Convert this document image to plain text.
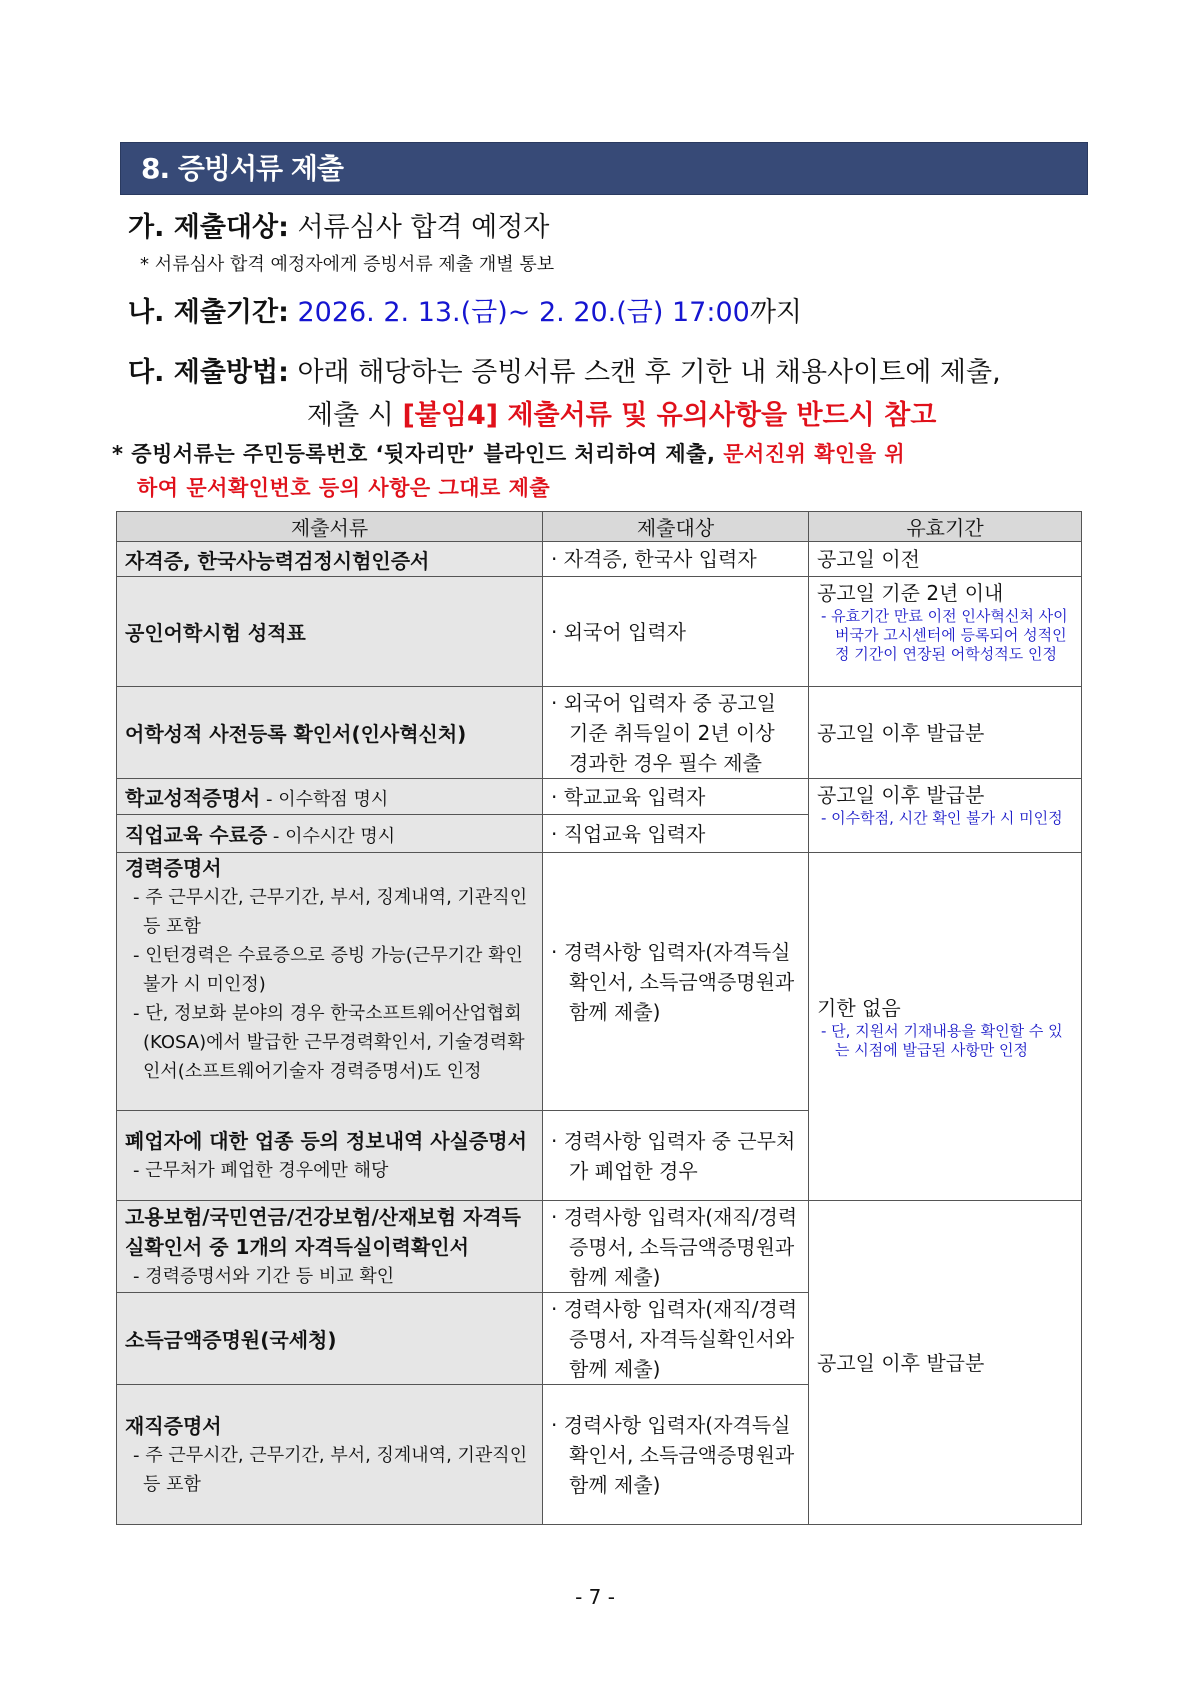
8. 증빙서류 제출
가. 제출대상: 서류심사 합격 예정자
* 서류심사 합격 예정자에게 증빙서류 제출 개별 통보
나. 제출기간: 2026. 2. 13.(금)~ 2. 20.(금) 17:00까지
다. 제출방법: 아래 해당하는 증빙서류 스캔 후 기한 내 채용사이트에 제출,
제출 시 [붙임4] 제출서류 및 유의사항을 반드시 참고
* 증빙서류는 주민등록번호 ‘뒷자리만’ 블라인드 처리하여 제출, 문서진위 확인을 위
하여 문서확인번호 등의 사항은 그대로 제출
제출서류	제출대상	유효기간
자격증, 한국사능력검정시험인증서	· 자격증, 한국사 입력자	공고일 이전
공인어학시험 성적표	· 외국어 입력자	공고일 기준 2년 이내
- 유효기간 만료 이전 인사혁신처 사이버국가 고시센터에 등록되어 성적인정 기간이 연장된 어학성적도 인정

어학성적 사전등록 확인서(인사혁신처)	· 외국어 입력자 중 공고일 기준 취득일이 2년 이상 경과한 경우 필수 제출	공고일 이후 발급분
학교성적증명서 - 이수학점 명시	· 학교교육 입력자	공고일 이후 발급분
- 이수학점, 시간 확인 불가 시 미인정

직업교육 수료증 - 이수시간 명시	· 직업교육 입력자	

경력증명서
- 주 근무시간, 근무기간, 부서, 징계내역, 기관직인 등 포함
- 인턴경력은 수료증으로 증빙 가능(근무기간 확인 불가 시 미인정)
- 단, 정보화 분야의 경우 한국소프트웨어산업협회(KOSA)에서 발급한 근무경력확인서, 기술경력확인서(소프트웨어기술자 경력증명서)도 인정

· 경력사항 입력자(자격득실확인서, 소득금액증명원과 함께 제출)	기한 없음
- 단, 지원서 기재내용을 확인할 수 있는 시점에 발급된 사항만 인정

폐업자에 대한 업종 등의 정보내역 사실증명서
- 근무처가 폐업한 경우에만 해당	· 경력사항 입력자 중 근무처가 폐업한 경우	

고용보험/국민연금/건강보험/산재보험 자격득실확인서 중 1개의 자격득실이력확인서
- 경력증명서와 기간 등 비교 확인	· 경력사항 입력자(재직/경력증명서, 소득금액증명원과 함께 제출)	공고일 이후 발급분
소득금액증명원(국세청)	· 경력사항 입력자(재직/경력증명서, 자격득실확인서와 함께 제출)	

재직증명서
- 주 근무시간, 근무기간, 부서, 징계내역, 기관직인 등 포함	· 경력사항 입력자(자격득실확인서, 소득금액증명원과 함께 제출)	
- 7 -
